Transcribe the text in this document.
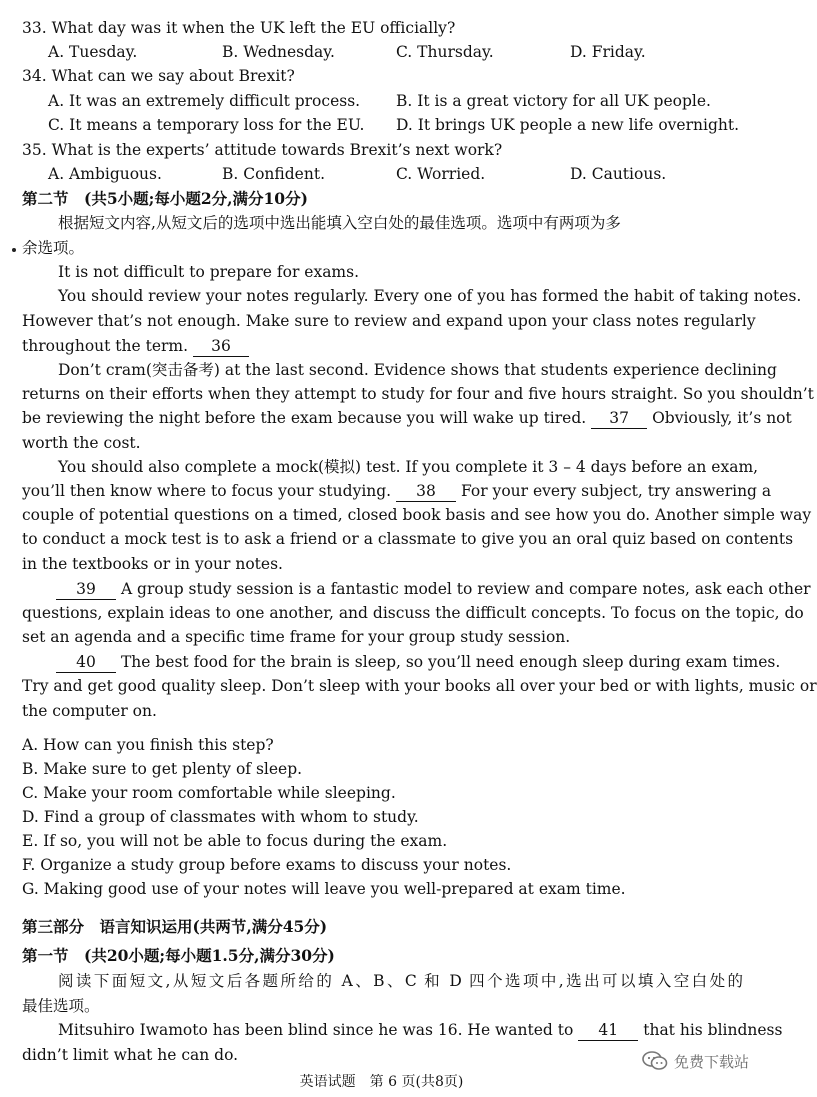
33. What day was it when the UK left the EU officially?
A. Tuesday.	B. Wednesday.	C. Thursday.	D. Friday.
34. What can we say about Brexit?
A. It was an extremely difficult process. B. It is a great victory for all UK people.
C. It means a temporary loss for the EU. D. It brings UK people a new life overnight.
35. What is the experts’ attitude towards Brexit’s next work?
A. Ambiguous.	B. Confident.	C. Worried.	D. Cautious.
第二节　(共5小题;每小题2分,满分10分)
根据短文内容,从短文后的选项中选出能填入空白处的最佳选项。选项中有两项为多
余选项。
It is not difficult to prepare for exams.
You should review your notes regularly. Every one of you has formed the habit of taking notes.
However that’s not enough. Make sure to review and expand upon your class notes regularly
throughout the term. 36
Don’t cram(突击备考) at the last second. Evidence shows that students experience declining
returns on their efforts when they attempt to study for four and five hours straight. So you shouldn’t
be reviewing the night before the exam because you will wake up tired. 37 Obviously, it’s not
worth the cost.
You should also complete a mock(模拟) test. If you complete it 3 – 4 days before an exam,
you’ll then know where to focus your studying. 38 For your every subject, try answering a
couple of potential questions on a timed, closed book basis and see how you do. Another simple way
to conduct a mock test is to ask a friend or a classmate to give you an oral quiz based on contents
in the textbooks or in your notes.
39 A group study session is a fantastic model to review and compare notes, ask each other
questions, explain ideas to one another, and discuss the difficult concepts. To focus on the topic, do
set an agenda and a specific time frame for your group study session.
40 The best food for the brain is sleep, so you’ll need enough sleep during exam times.
Try and get good quality sleep. Don’t sleep with your books all over your bed or with lights, music or
the computer on.
A. How can you finish this step?
B. Make sure to get plenty of sleep.
C. Make your room comfortable while sleeping.
D. Find a group of classmates with whom to study.
E. If so, you will not be able to focus during the exam.
F. Organize a study group before exams to discuss your notes.
G. Making good use of your notes will leave you well-prepared at exam time.
第三部分　语言知识运用(共两节,满分45分)
第一节　(共20小题;每小题1.5分,满分30分)
阅读下面短文,从短文后各题所给的 A、B、C 和 D 四个选项中,选出可以填入空白处的
最佳选项。
Mitsuhiro Iwamoto has been blind since he was 16. He wanted to 41 that his blindness
didn’t limit what he can do.	免费下载站
英语试题　第 6 页(共8页)
